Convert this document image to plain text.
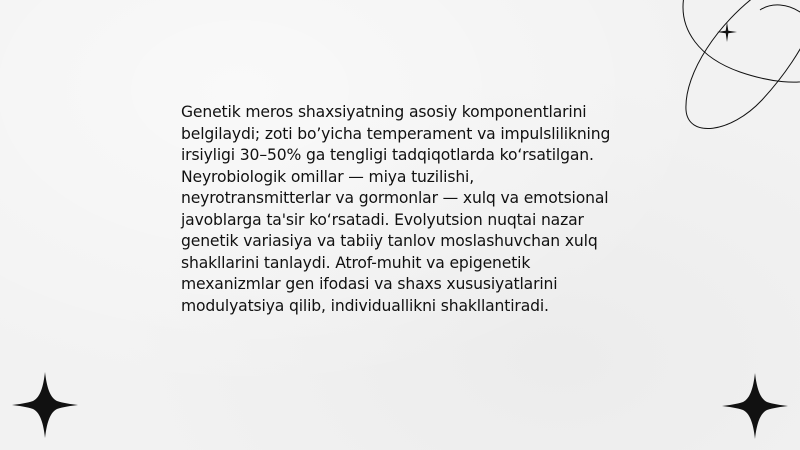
Genetik meros shaxsiyatning asosiy komponentlarini belgilaydi; zoti bo’yicha temperament va impulslilikning irsiyligi 30–50% ga tengligi tadqiqotlarda ko‘rsatilgan. Neyrobiologik omillar — miya tuzilishi, neyrotransmitterlar va gormonlar — xulq va emotsional javoblarga ta'sir ko‘rsatadi. Evolyutsion nuqtai nazar genetik variasiya va tabiiy tanlov moslashuvchan xulq shakllarini tanlaydi. Atrof-muhit va epigenetik mexanizmlar gen ifodasi va shaxs xususiyatlarini modulyatsiya qilib, individuallikni shakllantiradi.
